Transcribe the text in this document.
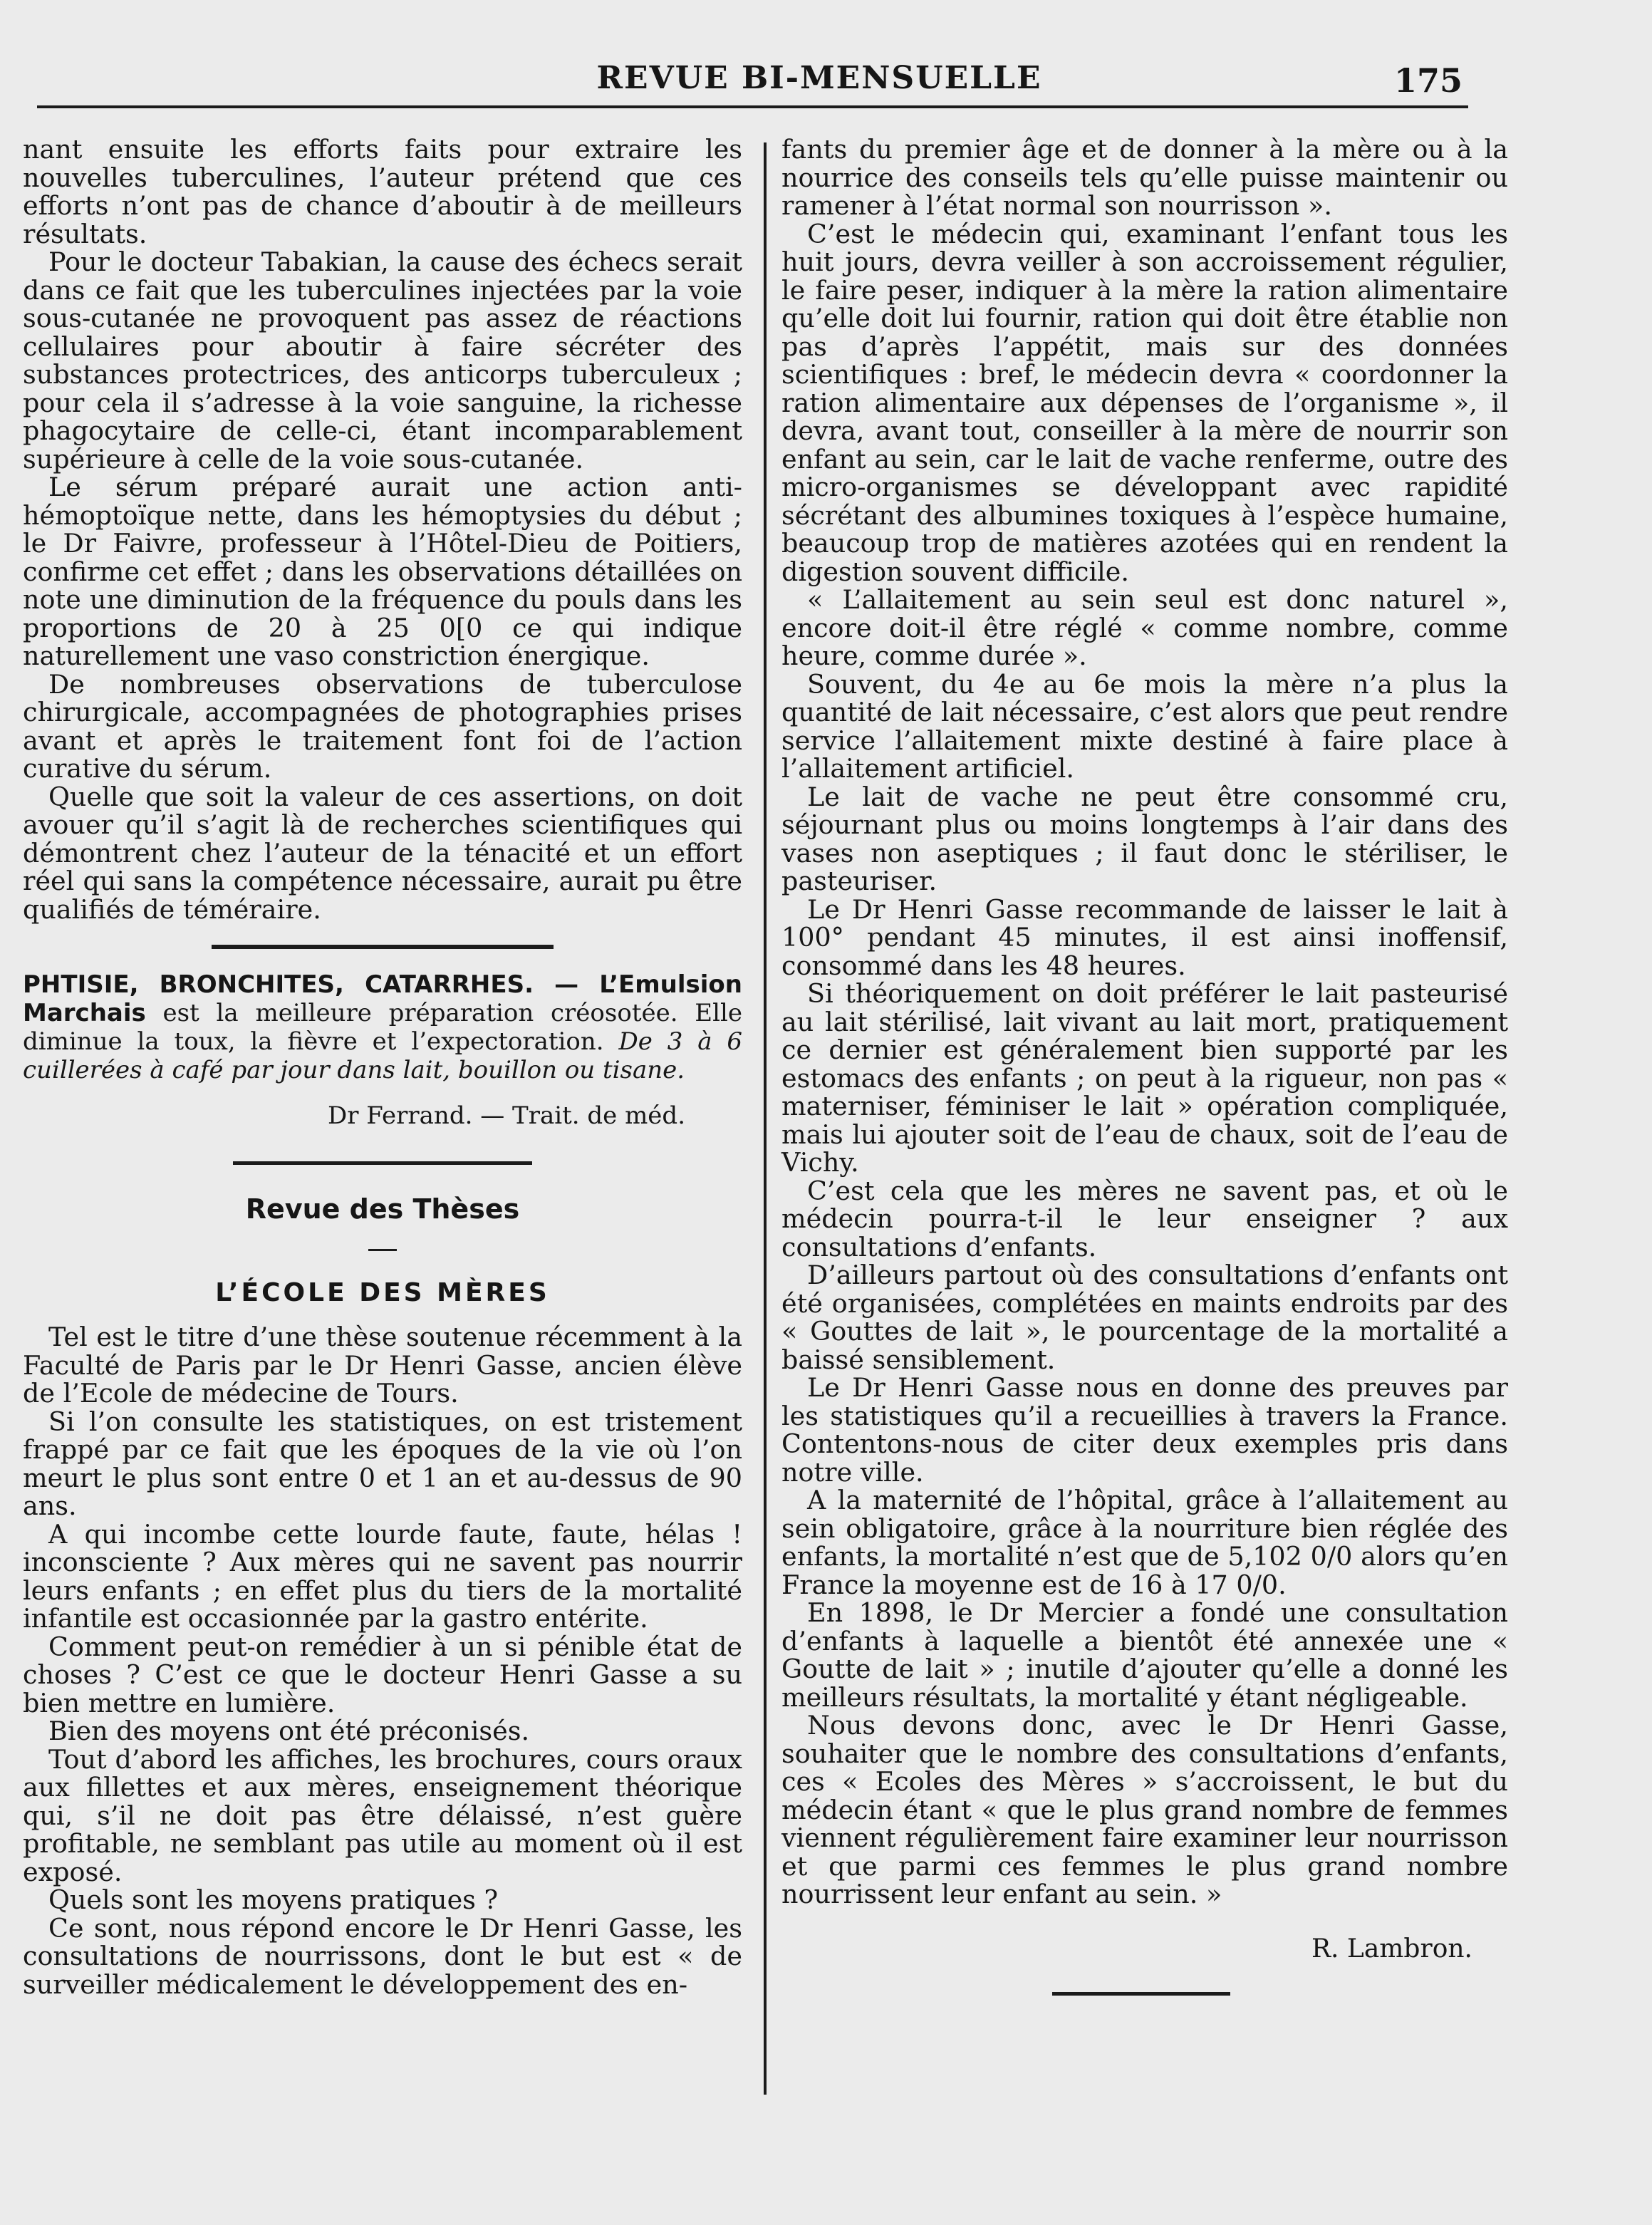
REVUE BI-MENSUELLE	175

nant ensuite les efforts faits pour extraire les nouvelles tuberculines, l’auteur prétend que ces efforts n’ont pas de chance d’aboutir à de meilleurs résultats.

Pour le docteur Tabakian, la cause des échecs serait dans ce fait que les tuberculines injectées par la voie sous-cutanée ne provoquent pas assez de réactions cellulaires pour aboutir à faire sécréter des substances protectrices, des anticorps tuberculeux ; pour cela il s’adresse à la voie sanguine, la richesse phagocytaire de celle-ci, étant incomparablement supérieure à celle de la voie sous-cutanée.

Le sérum préparé aurait une action anti-hémoptoïque nette, dans les hémoptysies du début ; le Dr Faivre, professeur à l’Hôtel-Dieu de Poitiers, confirme cet effet ; dans les observations détaillées on note une diminution de la fréquence du pouls dans les proportions de 20 à 25 0[0 ce qui indique naturellement une vaso constriction énergique.

De nombreuses observations de tuberculose chirurgicale, accompagnées de photographies prises avant et après le traitement font foi de l’action curative du sérum.

Quelle que soit la valeur de ces assertions, on doit avouer qu’il s’agit là de recherches scientifiques qui démontrent chez l’auteur de la ténacité et un effort réel qui sans la compétence nécessaire, aurait pu être qualifiés de téméraire.

PHTISIE, BRONCHITES, CATARRHES. — L’Emulsion Marchais est la meilleure préparation créosotée. Elle diminue la toux, la fièvre et l’expectoration. De 3 à 6 cuillerées à café par jour dans lait, bouillon ou tisane.

Dr Ferrand. — Trait. de méd.
Revue des Thèses
L’ÉCOLE DES MÈRES

Tel est le titre d’une thèse soutenue récemment à la Faculté de Paris par le Dr Henri Gasse, ancien élève de l’Ecole de médecine de Tours.

Si l’on consulte les statistiques, on est tristement frappé par ce fait que les époques de la vie où l’on meurt le plus sont entre 0 et 1 an et au-dessus de 90 ans.

A qui incombe cette lourde faute, faute, hélas ! inconsciente ? Aux mères qui ne savent pas nourrir leurs enfants ; en effet plus du tiers de la mortalité infantile est occasionnée par la gastro entérite.

Comment peut-on remédier à un si pénible état de choses ? C’est ce que le docteur Henri Gasse a su bien mettre en lumière.

Bien des moyens ont été préconisés.

Tout d’abord les affiches, les brochures, cours oraux aux fillettes et aux mères, enseignement théorique qui, s’il ne doit pas être délaissé, n’est guère profitable, ne semblant pas utile au moment où il est exposé.

Quels sont les moyens pratiques ?

Ce sont, nous répond encore le Dr Henri Gasse, les consultations de nourrissons, dont le but est « de surveiller médicalement le développement des en-

fants du premier âge et de donner à la mère ou à la nourrice des conseils tels qu’elle puisse maintenir ou ramener à l’état normal son nourrisson ».

C’est le médecin qui, examinant l’enfant tous les huit jours, devra veiller à son accroissement régulier, le faire peser, indiquer à la mère la ration alimentaire qu’elle doit lui fournir, ration qui doit être établie non pas d’après l’appétit, mais sur des données scientifiques : bref, le médecin devra « coordonner la ration alimentaire aux dépenses de l’organisme », il devra, avant tout, conseiller à la mère de nourrir son enfant au sein, car le lait de vache renferme, outre des micro-organismes se développant avec rapidité sécrétant des albumines toxiques à l’espèce humaine, beaucoup trop de matières azotées qui en rendent la digestion souvent difficile.

« L’allaitement au sein seul est donc naturel », encore doit-il être réglé « comme nombre, comme heure, comme durée ».

Souvent, du 4e au 6e mois la mère n’a plus la quantité de lait nécessaire, c’est alors que peut rendre service l’allaitement mixte destiné à faire place à l’allaitement artificiel.

Le lait de vache ne peut être consommé cru, séjournant plus ou moins longtemps à l’air dans des vases non aseptiques ; il faut donc le stériliser, le pasteuriser.

Le Dr Henri Gasse recommande de laisser le lait à 100° pendant 45 minutes, il est ainsi inoffensif, consommé dans les 48 heures.

Si théoriquement on doit préférer le lait pasteurisé au lait stérilisé, lait vivant au lait mort, pratiquement ce dernier est généralement bien supporté par les estomacs des enfants ; on peut à la rigueur, non pas « materniser, féminiser le lait » opération compliquée, mais lui ajouter soit de l’eau de chaux, soit de l’eau de Vichy.

C’est cela que les mères ne savent pas, et où le médecin pourra-t-il le leur enseigner ? aux consultations d’enfants.

D’ailleurs partout où des consultations d’enfants ont été organisées, complétées en maints endroits par des « Gouttes de lait », le pourcentage de la mortalité a baissé sensiblement.

Le Dr Henri Gasse nous en donne des preuves par les statistiques qu’il a recueillies à travers la France. Contentons-nous de citer deux exemples pris dans notre ville.

A la maternité de l’hôpital, grâce à l’allaitement au sein obligatoire, grâce à la nourriture bien réglée des enfants, la mortalité n’est que de 5,102 0/0 alors qu’en France la moyenne est de 16 à 17 0/0.

En 1898, le Dr Mercier a fondé une consultation d’enfants à laquelle a bientôt été annexée une « Goutte de lait » ; inutile d’ajouter qu’elle a donné les meilleurs résultats, la mortalité y étant négligeable.

Nous devons donc, avec le Dr Henri Gasse, souhaiter que le nombre des consultations d’enfants, ces « Ecoles des Mères » s’accroissent, le but du médecin étant « que le plus grand nombre de femmes viennent régulièrement faire examiner leur nourrisson et que parmi ces femmes le plus grand nombre nourrissent leur enfant au sein. »

R. Lambron.
